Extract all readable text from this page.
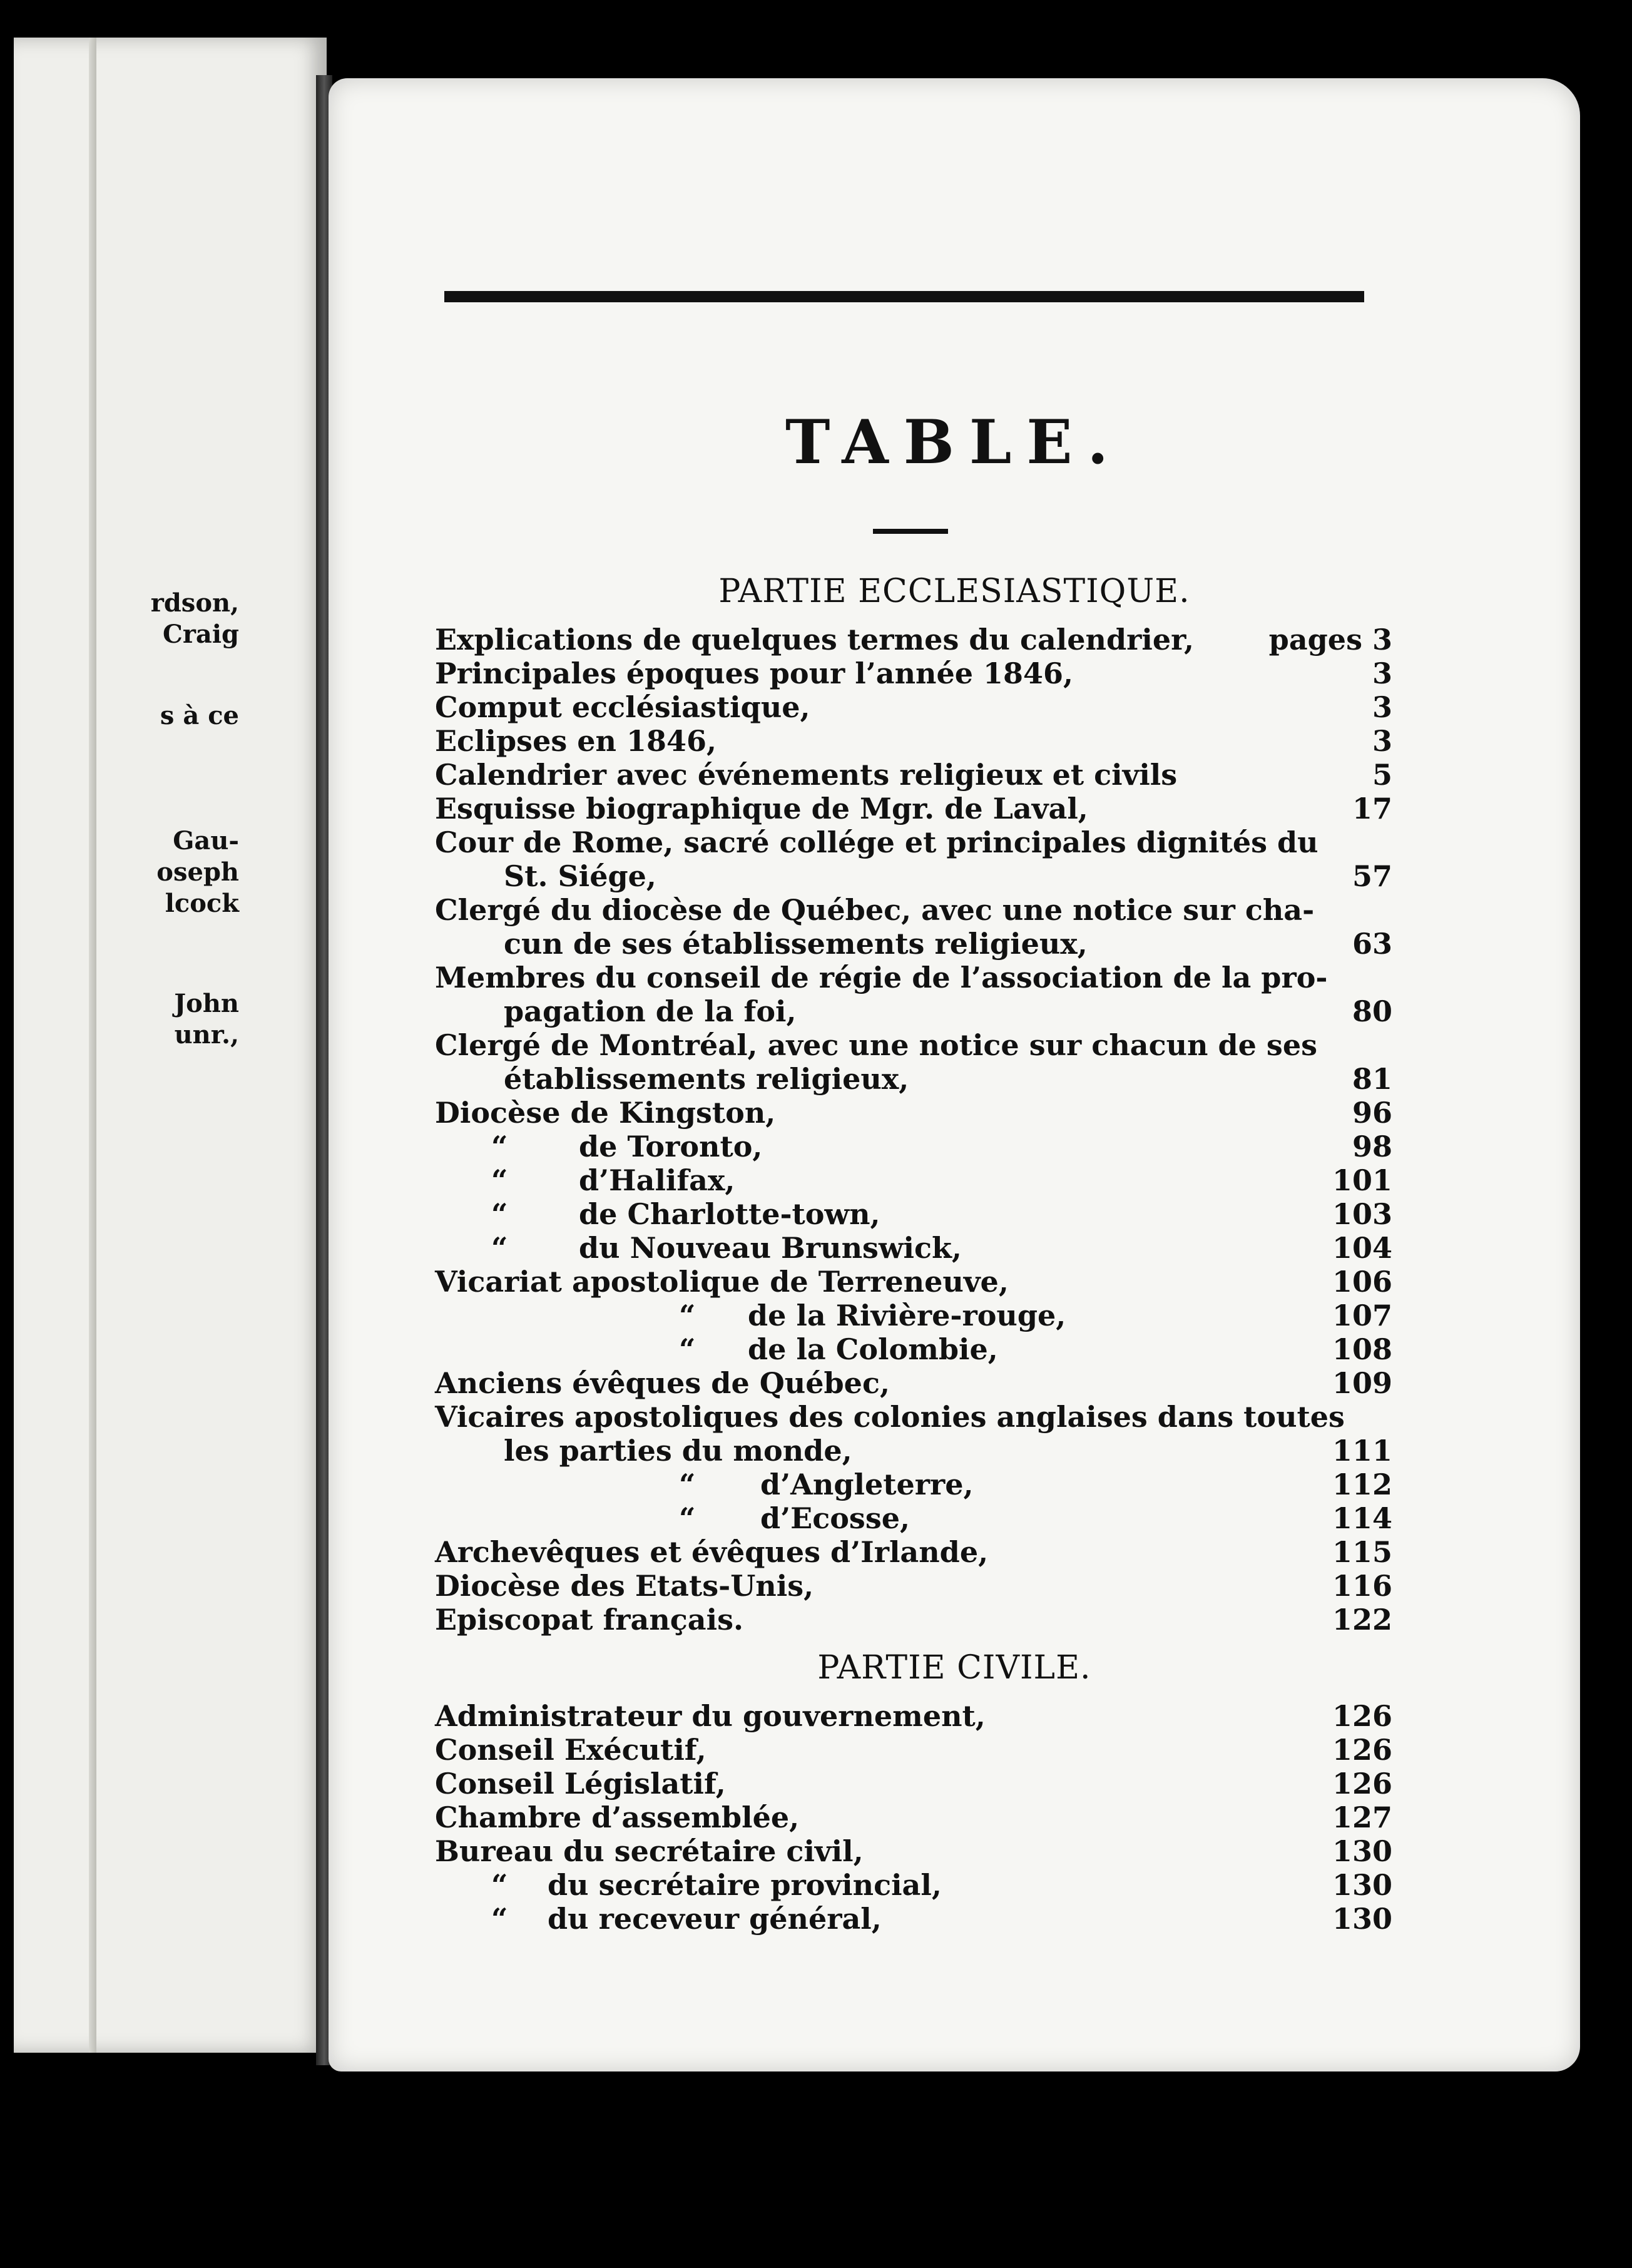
rdson,
Craig
s à ce
Gau-
oseph
lcock
John
unr.,
TABLE.
PARTIE ECCLESIASTIQUE.
Explications de quelques termes du calendrier,	pages 3
Principales époques pour l’année 1846,	3
Comput ecclésiastique,	3
Eclipses en 1846,	3
Calendrier avec événements religieux et civils	5
Esquisse biographique de Mgr. de Laval,	17
Cour de Rome, sacré collége et principales dignités du
St. Siége,	57
Clergé du diocèse de Québec, avec une notice sur cha-
cun de ses établissements religieux,	63
Membres du conseil de régie de l’association de la pro-
pagation de la foi,	80
Clergé de Montréal, avec une notice sur chacun de ses
établissements religieux,	81
Diocèse de Kingston,	96
“ de Toronto,	98
“ d’Halifax,	101
“ de Charlotte-town,	103
“ du Nouveau Brunswick,	104
Vicariat apostolique de Terreneuve,	106
“ de la Rivière-rouge,	107
“ de la Colombie,	108
Anciens évêques de Québec,	109
Vicaires apostoliques des colonies anglaises dans toutes
les parties du monde,	111
“ d’Angleterre,	112
“ d’Ecosse,	114
Archevêques et évêques d’Irlande,	115
Diocèse des Etats-Unis,	116
Episcopat français.	122
PARTIE CIVILE.
Administrateur du gouvernement,	126
Conseil Exécutif,	126
Conseil Législatif,	126
Chambre d’assemblée,	127
Bureau du secrétaire civil,	130
“ du secrétaire provincial,	130
“ du receveur général,	130
